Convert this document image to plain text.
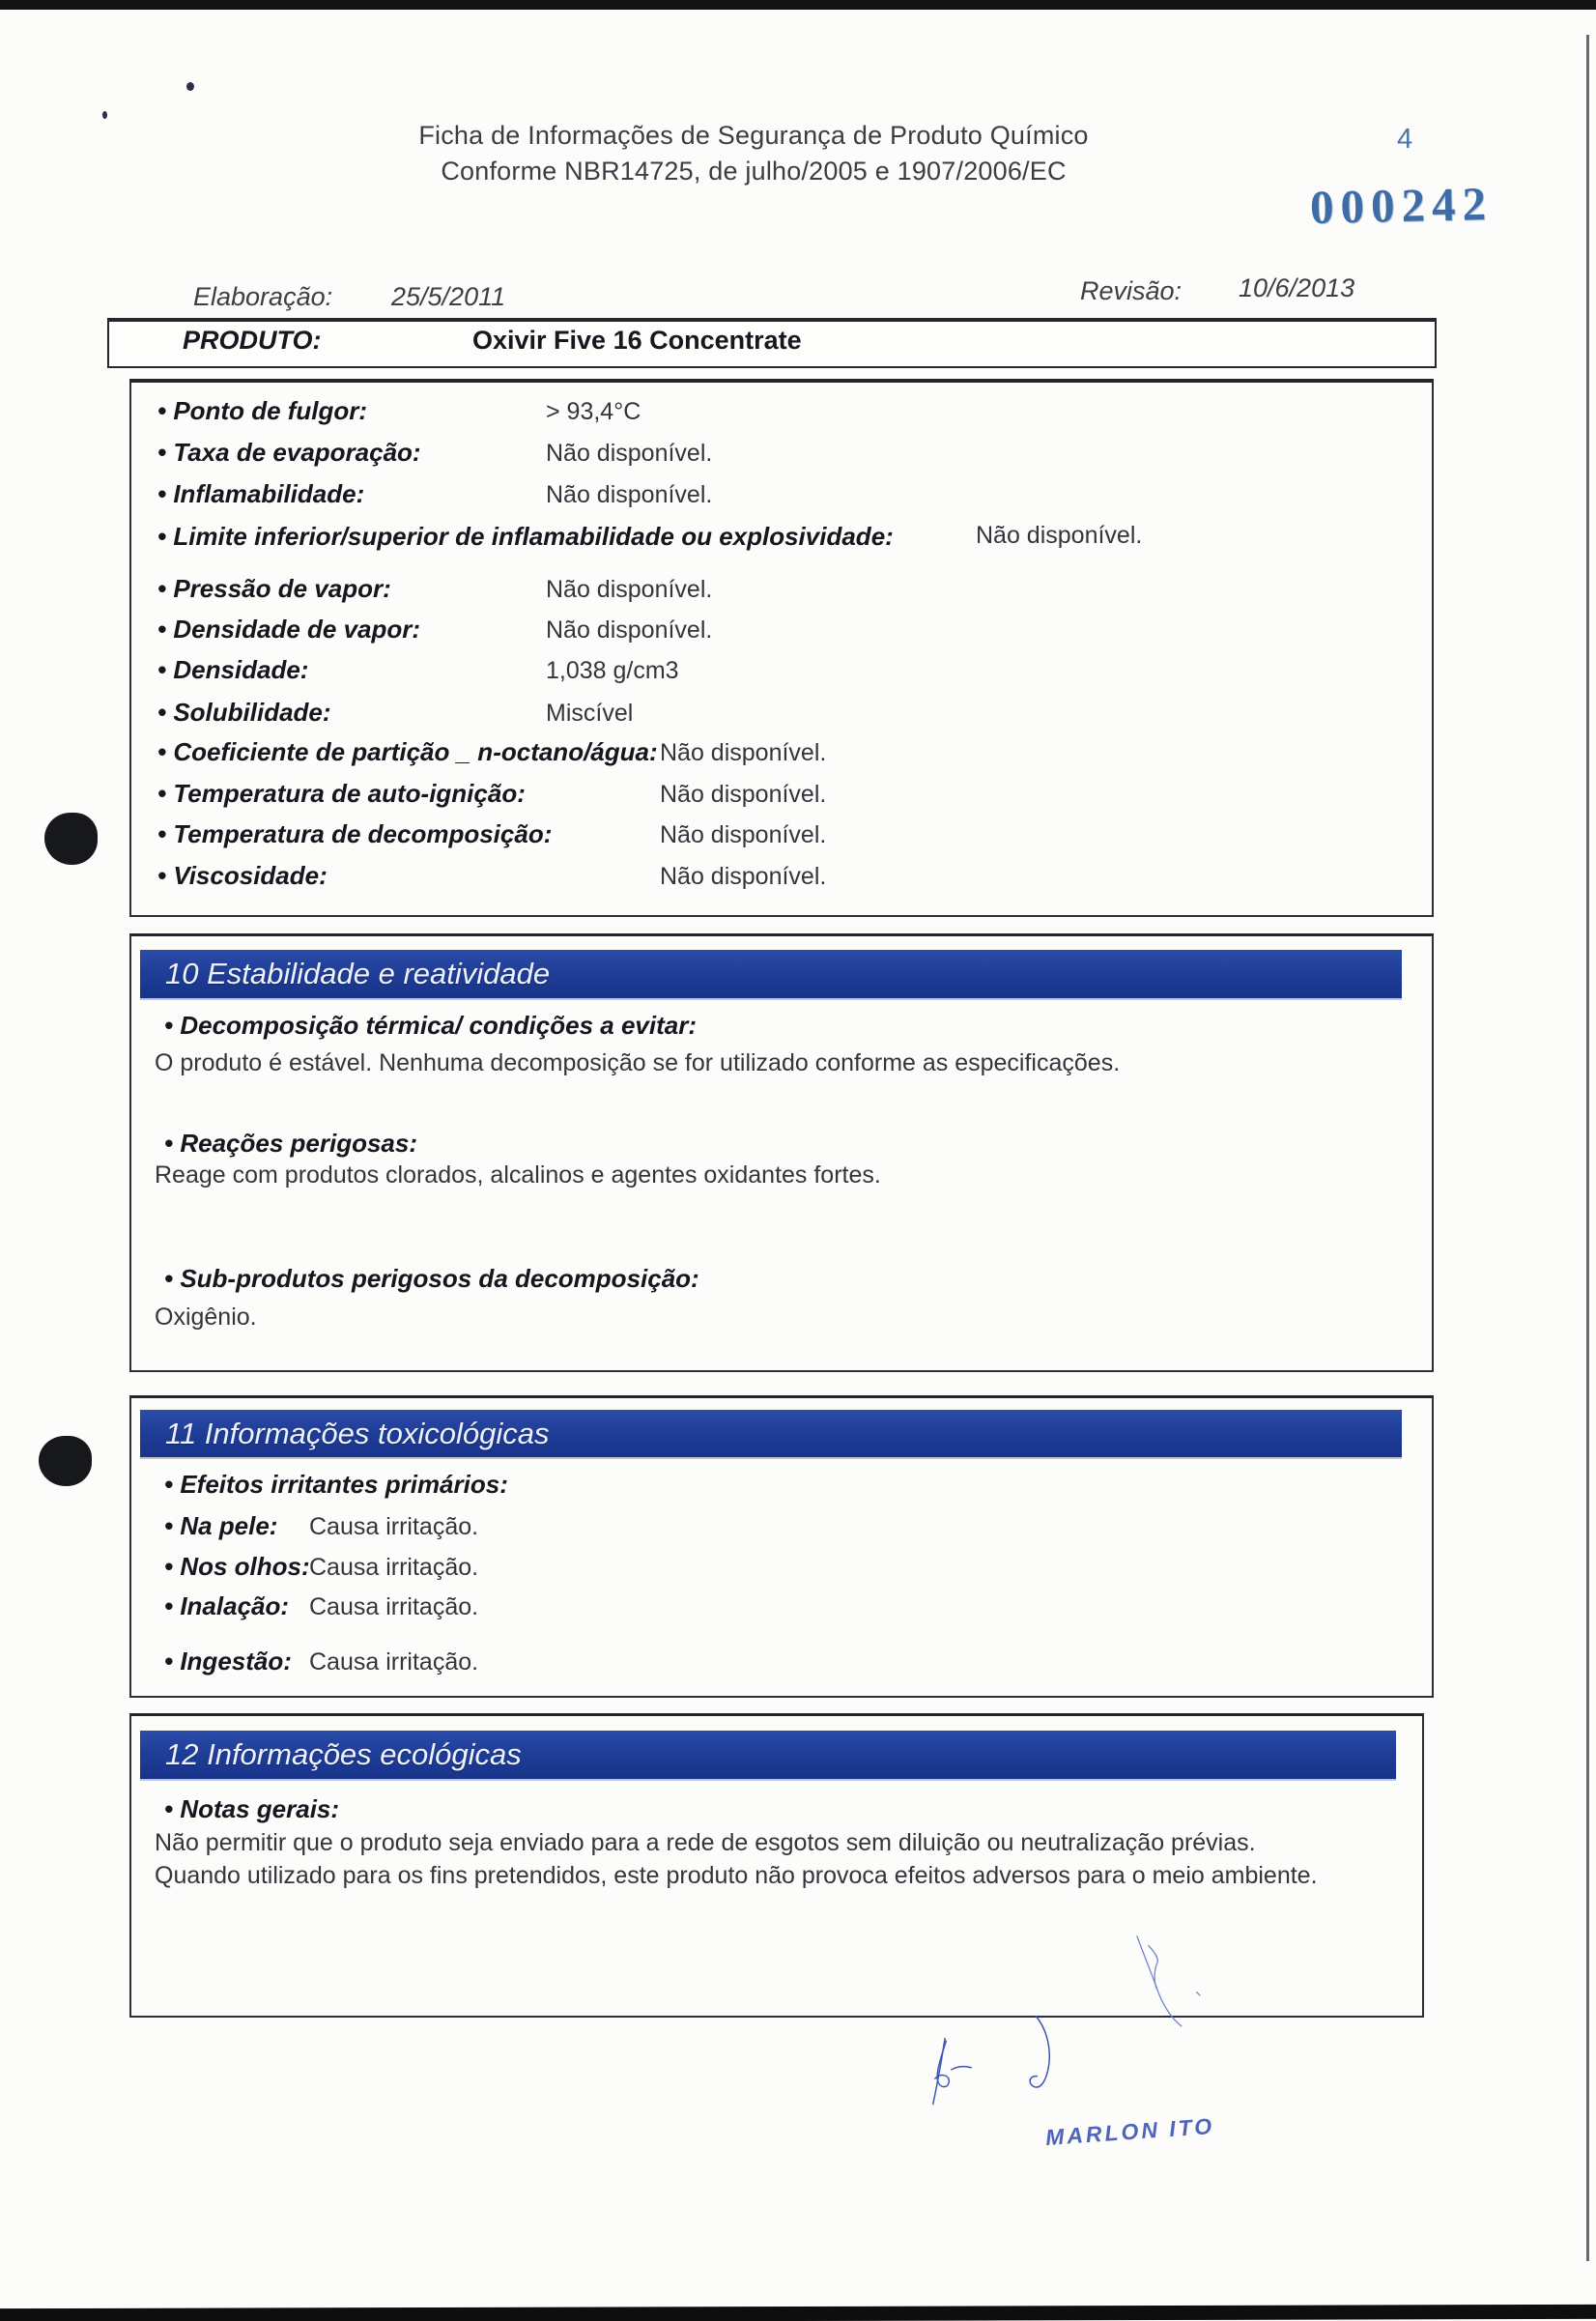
Ficha de Informações de Segurança de Produto Químico
Conforme NBR14725, de julho/2005 e 1907/2006/EC
4
000242
Elaboração: 25/5/2011	Revisão: 10/6/2013
PRODUTO:	Oxivir Five 16 Concentrate
• Ponto de fulgor:	> 93,4°C
• Taxa de evaporação:	Não disponível.
• Inflamabilidade:	Não disponível.
• Limite inferior/superior de inflamabilidade ou explosividade:	Não disponível.
• Pressão de vapor:	Não disponível.
• Densidade de vapor:	Não disponível.
• Densidade:	1,038 g/cm3
• Solubilidade:	Miscível
• Coeficiente de partição _ n-octano/água: Não disponível.
• Temperatura de auto-ignição:	Não disponível.
• Temperatura de decomposição:	Não disponível.
• Viscosidade:	Não disponível.
10 Estabilidade e reatividade
• Decomposição térmica/ condições a evitar:
O produto é estável. Nenhuma decomposição se for utilizado conforme as especificações.
• Reações perigosas:
Reage com produtos clorados, alcalinos e agentes oxidantes fortes.
• Sub-produtos perigosos da decomposição:
Oxigênio.
11 Informações toxicológicas
• Efeitos irritantes primários:
• Na pele: Causa irritação.
• Nos olhos: Causa irritação.
• Inalação: Causa irritação.
• Ingestão: Causa irritação.
12 Informações ecológicas
• Notas gerais:
Não permitir que o produto seja enviado para a rede de esgotos sem diluição ou neutralização prévias.
Quando utilizado para os fins pretendidos, este produto não provoca efeitos adversos para o meio ambiente.
MARLON ITO
